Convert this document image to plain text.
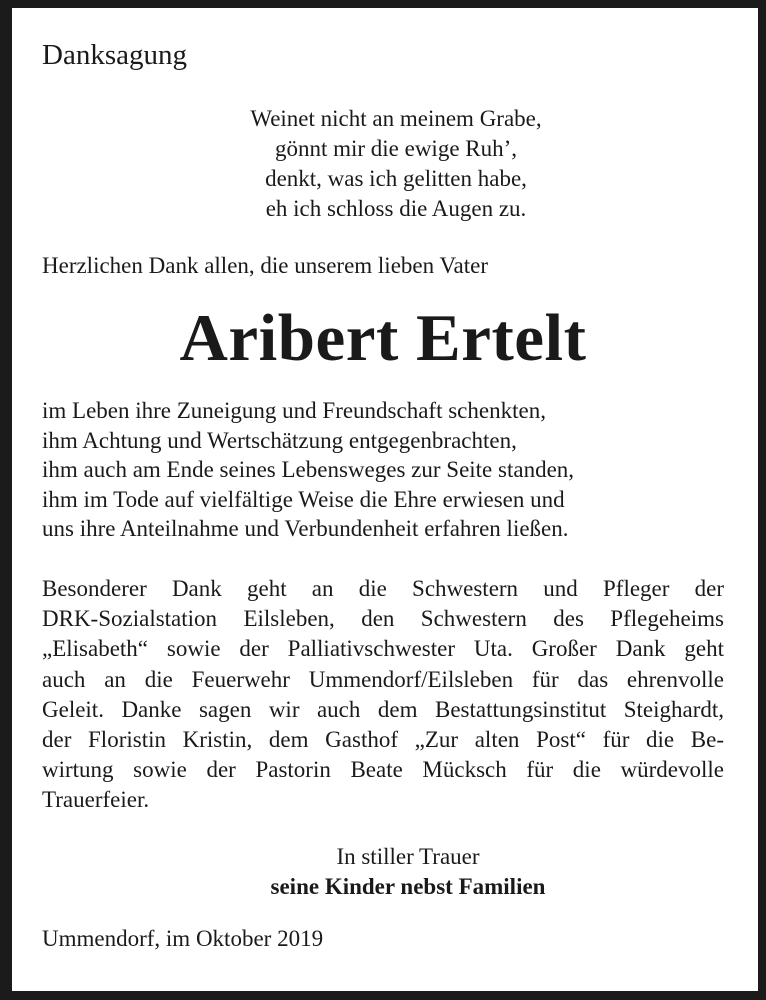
Danksagung
Weinet nicht an meinem Grabe,
gönnt mir die ewige Ruh’,
denkt, was ich gelitten habe,
eh ich schloss die Augen zu.
Herzlichen Dank allen, die unserem lieben Vater
Aribert Ertelt
im Leben ihre Zuneigung und Freundschaft schenkten,
ihm Achtung und Wertschätzung entgegenbrachten,
ihm auch am Ende seines Lebensweges zur Seite standen,
ihm im Tode auf vielfältige Weise die Ehre erwiesen und
uns ihre Anteilnahme und Verbundenheit erfahren ließen.
Besonderer Dank geht an die Schwestern und Pfleger der
DRK-Sozialstation Eilsleben, den Schwestern des Pflegeheims
„Elisabeth“ sowie der Palliativschwester Uta. Großer Dank geht
auch an die Feuerwehr Ummendorf/Eilsleben für das ehrenvolle
Geleit. Danke sagen wir auch dem Bestattungsinstitut Steighardt,
der Floristin Kristin, dem Gasthof „Zur alten Post“ für die Be-
wirtung sowie der Pastorin Beate Mücksch für die würdevolle
Trauerfeier.
In stiller Trauer
seine Kinder nebst Familien
Ummendorf, im Oktober 2019
